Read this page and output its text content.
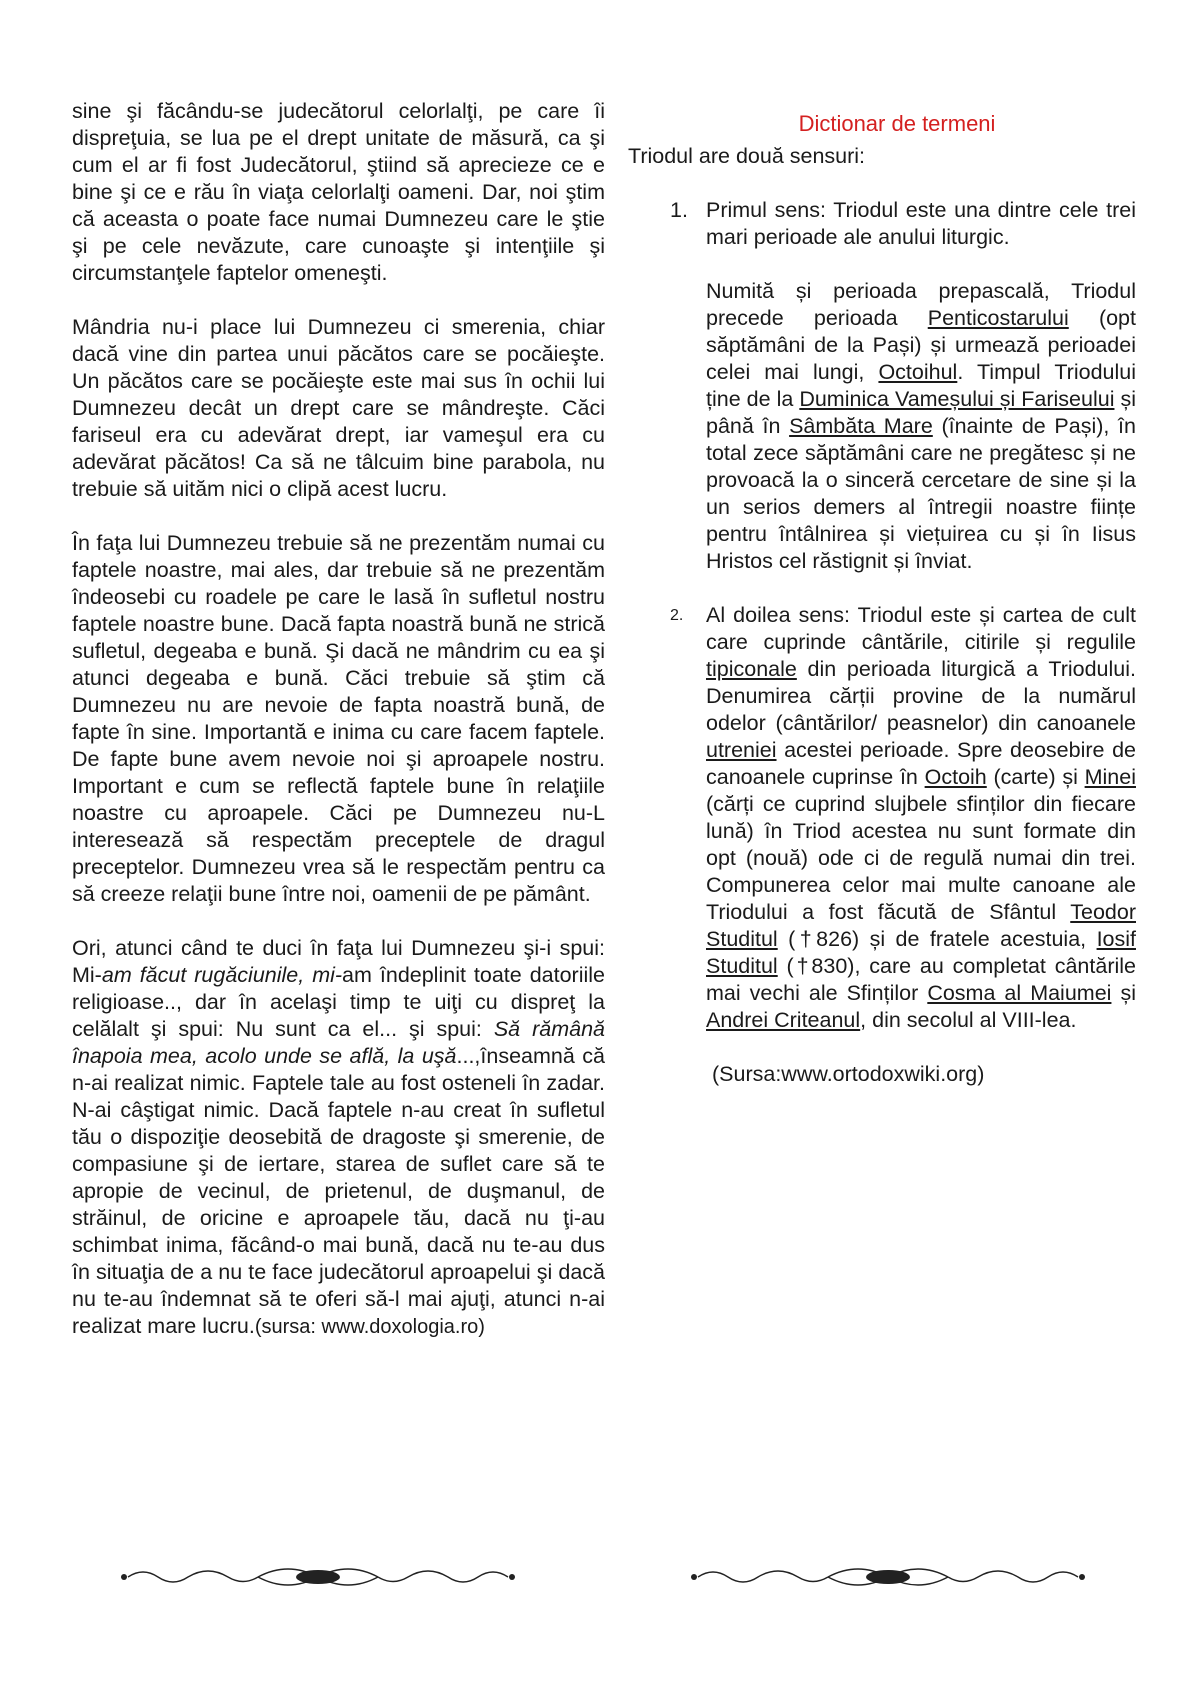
sine şi făcându-se judecătorul celorlalţi, pe care îi dispreţuia, se lua pe el drept unitate de măsură, ca şi cum el ar fi fost Judecătorul, ştiind să aprecieze ce e bine şi ce e rău în viaţa celorlalţi oameni. Dar, noi ştim că aceasta o poate face numai Dumnezeu care le ştie şi pe cele nevăzute, care cunoaşte şi intenţiile şi circumstanţele faptelor omeneşti.

Mândria nu-i place lui Dumnezeu ci smerenia, chiar dacă vine din partea unui păcătos care se pocăieşte. Un păcătos care se pocăieşte este mai sus în ochii lui Dumnezeu decât un drept care se mândreşte. Căci fariseul era cu adevărat drept, iar vameşul era cu adevărat păcătos! Ca să ne tâlcuim bine parabola, nu trebuie să uităm nici o clipă acest lucru.

În faţa lui Dumnezeu trebuie să ne prezentăm numai cu faptele noastre, mai ales, dar trebuie să ne prezentăm îndeosebi cu roadele pe care le lasă în sufletul nostru faptele noastre bune. Dacă fapta noastră bună ne strică sufletul, degeaba e bună. Şi dacă ne mândrim cu ea şi atunci degeaba e bună. Căci trebuie să ştim că Dumnezeu nu are nevoie de fapta noastră bună, de fapte în sine. Importantă e inima cu care facem faptele. De fapte bune avem nevoie noi şi aproapele nostru. Important e cum se reflectă faptele bune în relaţiile noastre cu aproapele. Căci pe Dumnezeu nu-L interesează să respectăm preceptele de dragul preceptelor. Dumnezeu vrea să le respectăm pentru ca să creeze relaţii bune între noi, oamenii de pe pământ.

Ori, atunci când te duci în faţa lui Dumnezeu şi-i spui: Mi-am făcut rugăciunile, mi-am îndeplinit toate datoriile religioase.., dar în acelaşi timp te uiţi cu dispreţ la celălalt şi spui: Nu sunt ca el... şi spui: Să rămână înapoia mea, acolo unde se află, la uşă...,înseamnă că n-ai realizat nimic. Faptele tale au fost osteneli în zadar. N-ai câştigat nimic. Dacă faptele n-au creat în sufletul tău o dispoziţie deosebită de dragoste şi smerenie, de compasiune şi de iertare, starea de suflet care să te apropie de vecinul, de prietenul, de duşmanul, de străinul, de oricine e aproapele tău, dacă nu ţi-au schimbat inima, făcând-o mai bună, dacă nu te-au dus în situaţia de a nu te face judecătorul aproapelui şi dacă nu te-au îndemnat să te oferi să-l mai ajuţi, atunci n-ai realizat mare lucru.(sursa: www.doxologia.ro)

Dictionar de termeni
Triodul are două sensuri:
1. Primul sens: Triodul este una dintre cele trei mari perioade ale anului liturgic.

Numită și perioada prepascală, Triodul precede perioada Penticostarului (opt săptămâni de la Pași) și urmează perioadei celei mai lungi, Octoihul. Timpul Triodului ține de la Duminica Vameșului și Fariseului și până în Sâmbăta Mare (înainte de Pași), în total zece săptămâni care ne pregătesc și ne provoacă la o sinceră cercetare de sine și la un serios demers al întregii noastre ființe pentru întâlnirea și viețuirea cu și în Iisus Hristos cel răstignit și înviat.

2. Al doilea sens: Triodul este și cartea de cult care cuprinde cântările, citirile și regulile tipiconale din perioada liturgică a Triodului. Denumirea cărții provine de la numărul odelor (cântărilor/ peasnelor) din canoanele utreniei acestei perioade. Spre deosebire de canoanele cuprinse în Octoih (carte) și Minei (cărți ce cuprind slujbele sfinților din fiecare lună) în Triod acestea nu sunt formate din opt (nouă) ode ci de regulă numai din trei. Compunerea celor mai multe canoane ale Triodului a fost făcută de Sfântul Teodor Studitul (†826) și de fratele acestuia, Iosif Studitul (†830), care au completat cântările mai vechi ale Sfinților Cosma al Maiumei și Andrei Criteanul, din secolul al VIII-lea.

(Sursa:www.ortodoxwiki.org)
